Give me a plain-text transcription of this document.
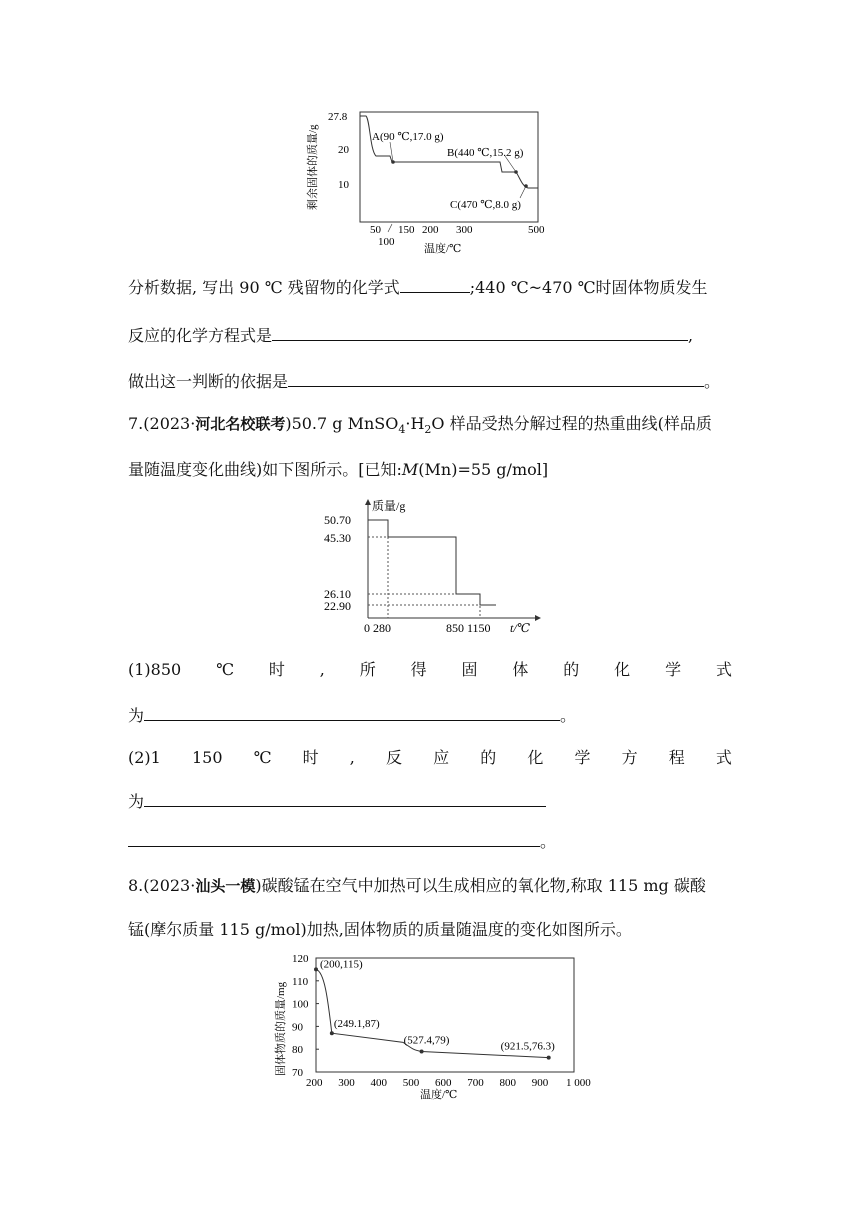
剩余固体的质量/g
27.8
20
10
A(90 ℃,17.0 g)
B(440 ℃,15.2 g)
C(470 ℃,8.0 g)
50 150 200 300	500
100
温度/℃
分析数据, 写出 90 ℃ 残留物的化学式	;440 ℃~470 ℃时固体物质发生
反应的化学方程式是	,
做出这一判断的依据是	。
7.(2023·河北名校联考)50.7 g $MnSO_4\cdot H_2O$ 样品受热分解过程的热重曲线(样品质
量随温度变化曲线)如下图所示。[已知:M(Mn)=55 g/mol]
质量/g
50.70
45.30
26.10
22.90
0 280	850 1150 t/℃
(1)850 ℃ 时 , 所 得 固 体 的 化 学 式
为	。
(2)1 150 ℃ 时 , 反 应 的 化 学 方 程 式
为
。
8.(2023·汕头一模)碳酸锰在空气中加热可以生成相应的氧化物,称取 115 mg 碳酸
锰(摩尔质量 115 g/mol)加热,固体物质的质量随温度的变化如图所示。
固体物质的质量/mg
120
110
100
90
80
70
200 300 400 500 600 700 800 900 1 000
(200,115)
(249.1,87)
(527.4,79)
(921.5,76.3)
温度/℃
